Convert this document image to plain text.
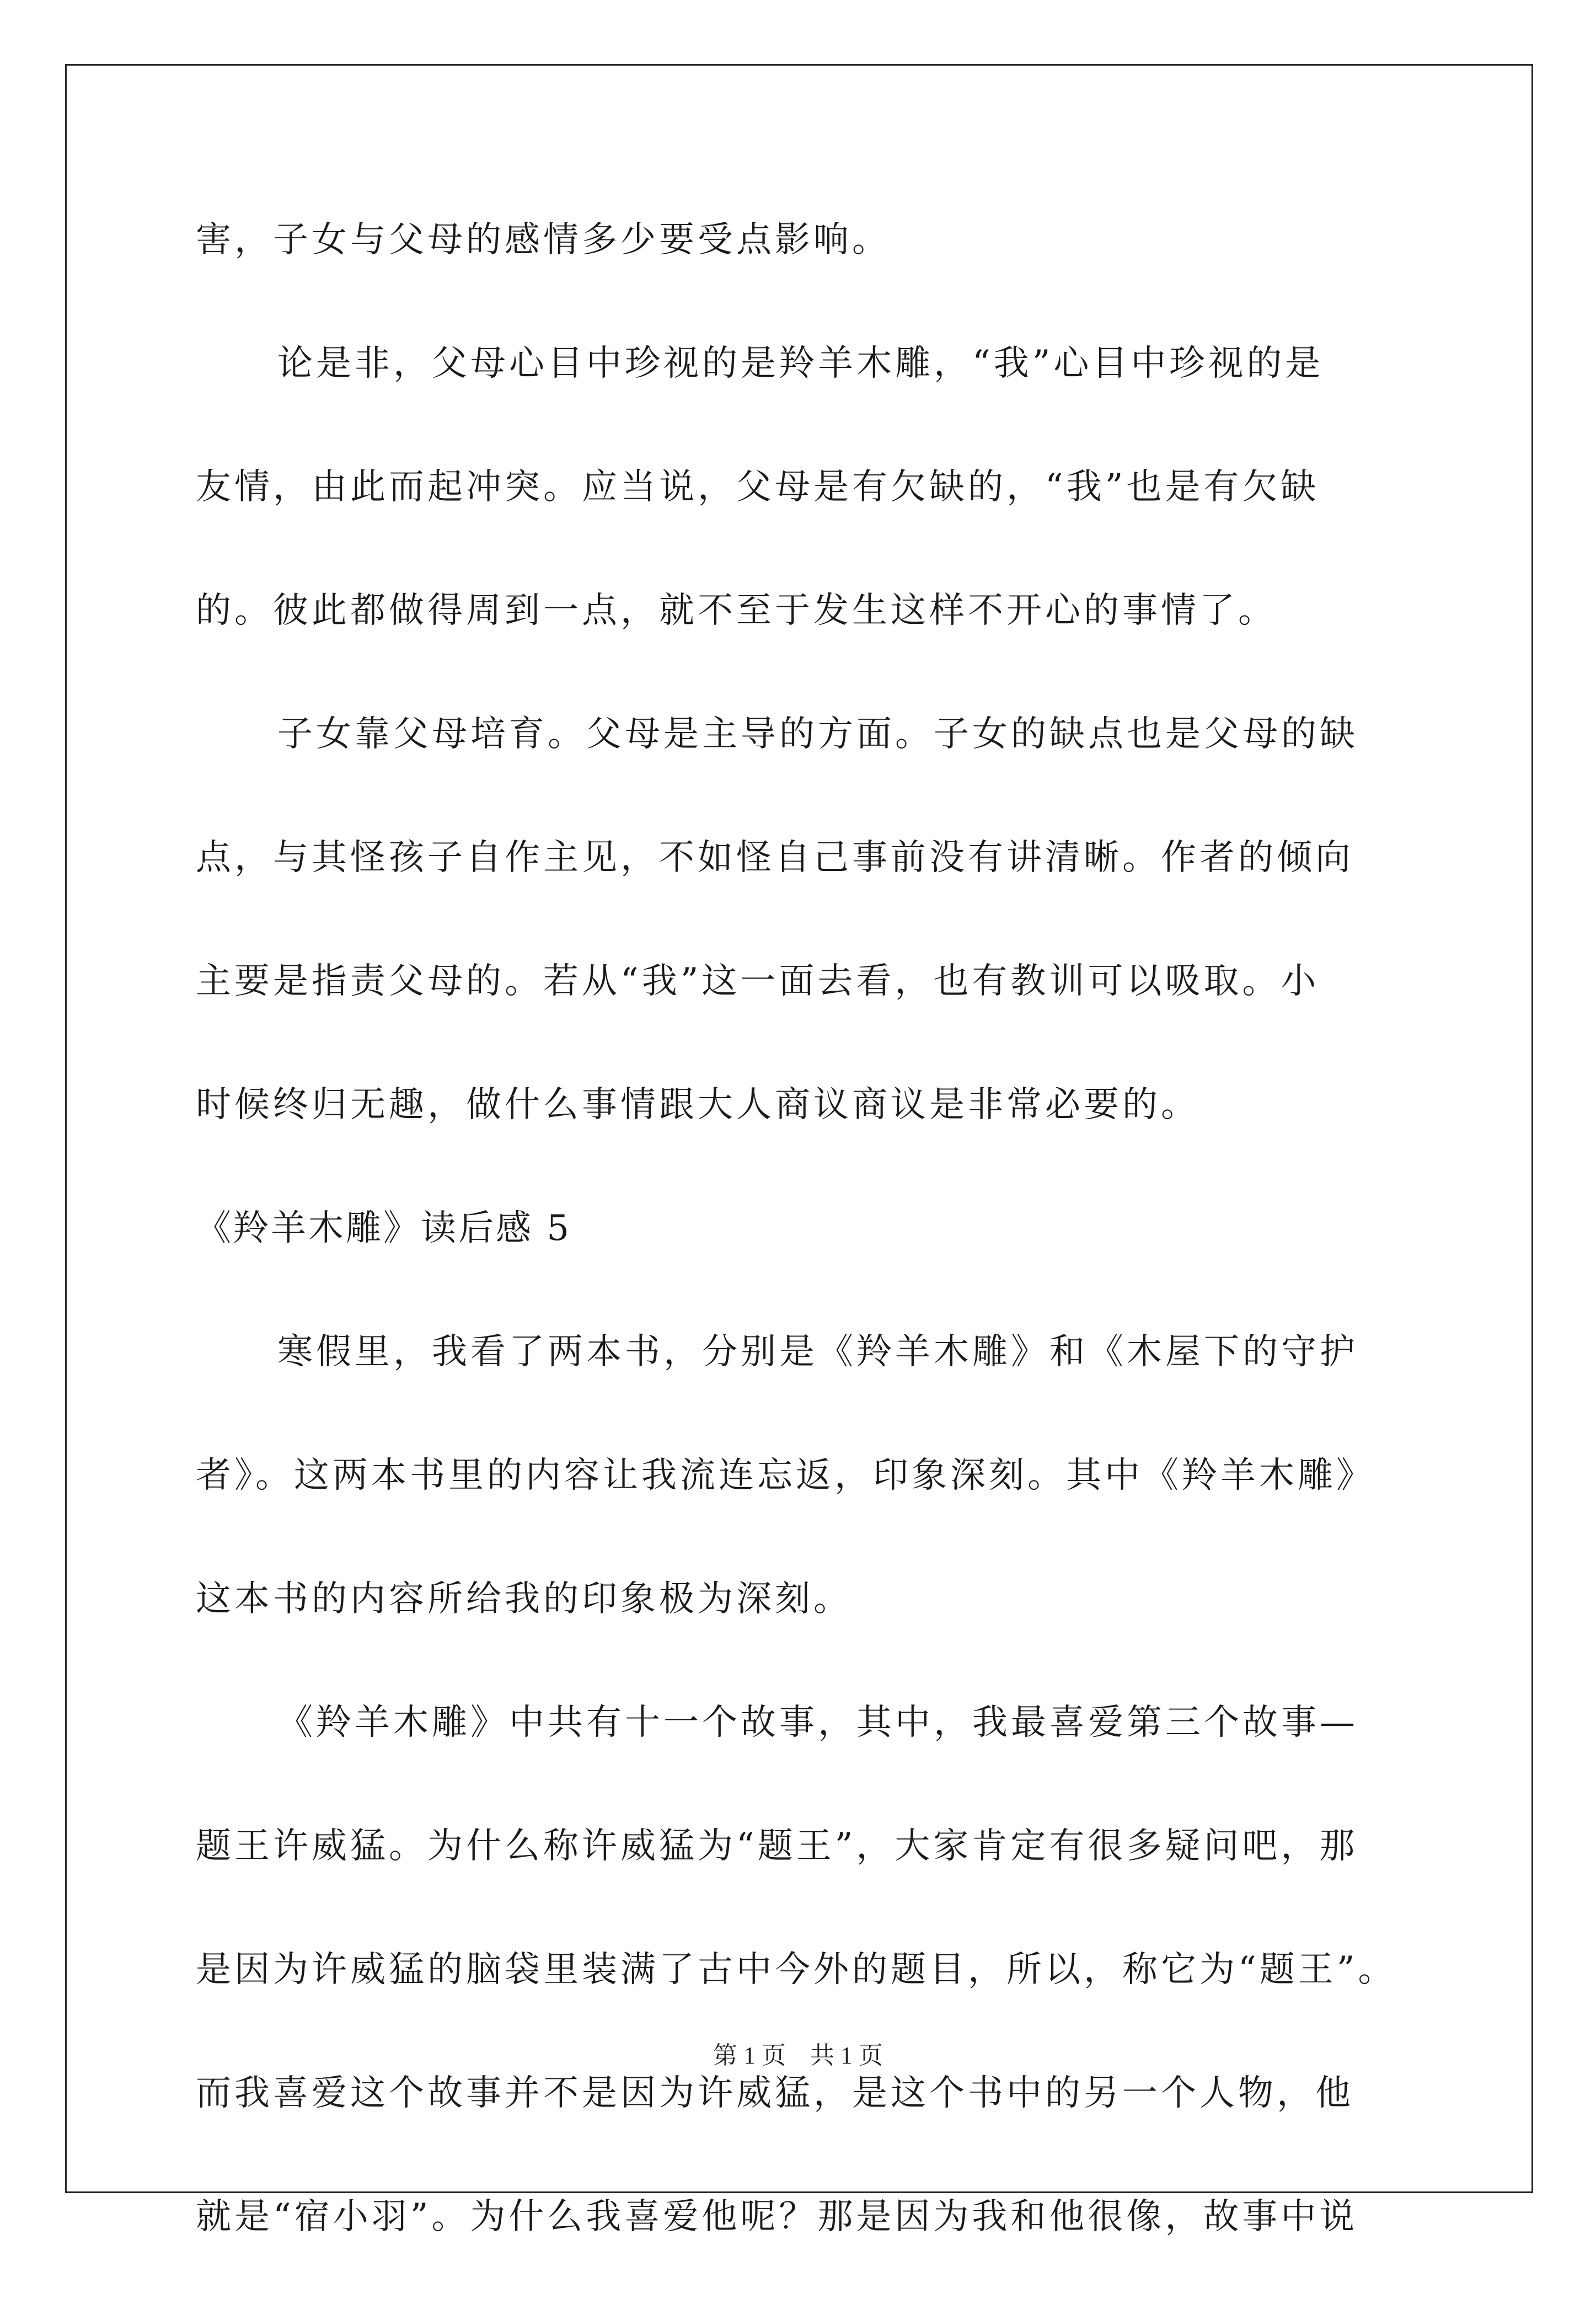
害，子女与父母的感情多少要受点影响。
论是非，父母心目中珍视的是羚羊木雕，“我”心目中珍视的是
友情，由此而起冲突。应当说，父母是有欠缺的，“我”也是有欠缺
的。彼此都做得周到一点，就不至于发生这样不开心的事情了。
子女靠父母培育。父母是主导的方面。子女的缺点也是父母的缺
点，与其怪孩子自作主见，不如怪自己事前没有讲清晰。作者的倾向
主要是指责父母的。若从“我”这一面去看，也有教训可以吸取。小
时候终归无趣，做什么事情跟大人商议商议是非常必要的。
《羚羊木雕》读后感 5
寒假里，我看了两本书，分别是《羚羊木雕》和《木屋下的守护
者》。这两本书里的内容让我流连忘返，印象深刻。其中《羚羊木雕》
这本书的内容所给我的印象极为深刻。
《羚羊木雕》中共有十一个故事，其中，我最喜爱第三个故事—
题王许威猛。为什么称许威猛为“题王”，大家肯定有很多疑问吧，那
是因为许威猛的脑袋里装满了古中今外的题目，所以，称它为“题王”。
而我喜爱这个故事并不是因为许威猛，是这个书中的另一个人物，他
就是“宿小羽”。为什么我喜爱他呢？那是因为我和他很像，故事中说
第 1 页　共 1 页
